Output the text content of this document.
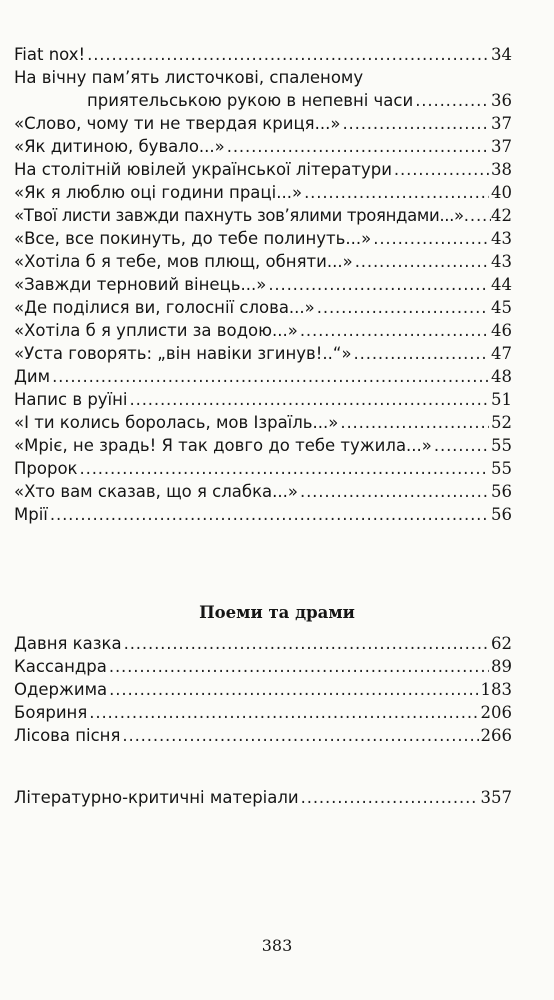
Fiat nox! . . .	34
На вічну пам’ять листочкові, спаленому
приятельською рукою в непевні часи . . .	36
«Слово, чому ти не твердая криця...» . . .	37
«Як дитиною, бувало...» . . .	37
На столітній ювілей української літератури . . .	38
«Як я люблю оці години праці...» . . .	40
«Твої листи завжди пахнуть зов’ялими трояндами...» . . . 42
«Все, все покинуть, до тебе полинуть...» . . .	43
«Хотіла б я тебе, мов плющ, обняти...» . . .	43
«Завжди терновий вінець...» . . .	44
«Де поділися ви, голоснії слова...» . . .	45
«Хотіла б я уплисти за водою...» . . .	46
«Уста говорять: „він навіки згинув!..“» . . .	47
Дим . . .	48
Напис в руїні . . .	51
«І ти колись боролась, мов Ізраїль...» . . .	52
«Мріє, не зрадь! Я так довго до тебе тужила...» . . .	55
Пророк . . .	55
«Хто вам сказав, що я слабка...» . . .	56
Мрії . . .	56
Поеми та драми
Давня казка . . .	62
Кассандра . . .	89
Одержима . . .	183
Бояриня . . .	206
Лісова пісня . . .	266
Літературно-критичні матеріали . . .	357
383
